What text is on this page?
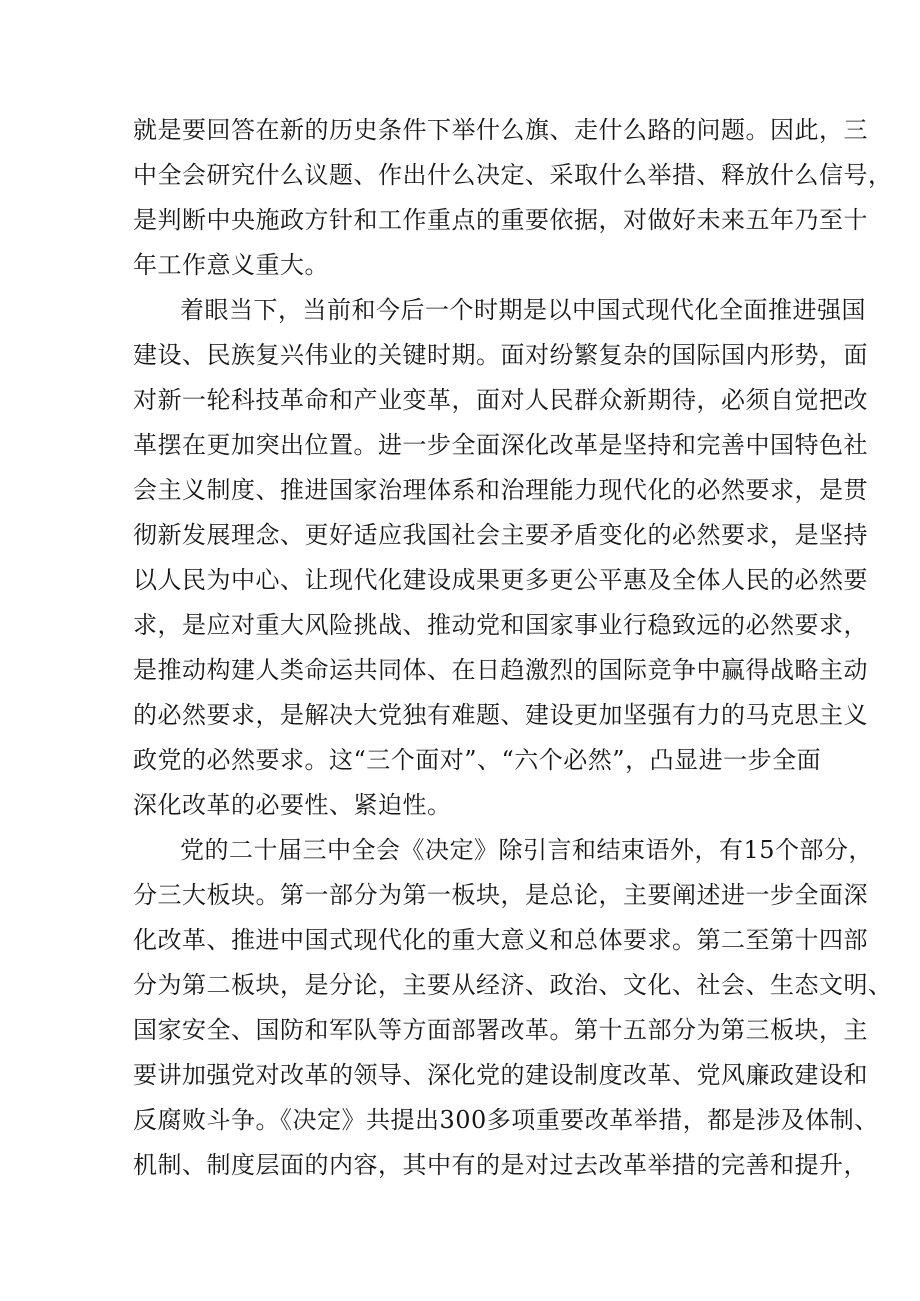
就是要回答在新的历史条件下举什么旗、走什么路的问题。因此，三
中全会研究什么议题、作出什么决定、采取什么举措、释放什么信号，
是判断中央施政方针和工作重点的重要依据，对做好未来五年乃至十
年工作意义重大。
着眼当下，当前和今后一个时期是以中国式现代化全面推进强国
建设、民族复兴伟业的关键时期。面对纷繁复杂的国际国内形势，面
对新一轮科技革命和产业变革，面对人民群众新期待，必须自觉把改
革摆在更加突出位置。进一步全面深化改革是坚持和完善中国特色社
会主义制度、推进国家治理体系和治理能力现代化的必然要求，是贯
彻新发展理念、更好适应我国社会主要矛盾变化的必然要求，是坚持
以人民为中心、让现代化建设成果更多更公平惠及全体人民的必然要
求，是应对重大风险挑战、推动党和国家事业行稳致远的必然要求，
是推动构建人类命运共同体、在日趋激烈的国际竞争中赢得战略主动
的必然要求，是解决大党独有难题、建设更加坚强有力的马克思主义
政党的必然要求。这“三个面对”、“六个必然”，凸显进一步全面
深化改革的必要性、紧迫性。
党的二十届三中全会《决定》除引言和结束语外，有15个部分，
分三大板块。第一部分为第一板块，是总论，主要阐述进一步全面深
化改革、推进中国式现代化的重大意义和总体要求。第二至第十四部
分为第二板块，是分论，主要从经济、政治、文化、社会、生态文明、
国家安全、国防和军队等方面部署改革。第十五部分为第三板块，主
要讲加强党对改革的领导、深化党的建设制度改革、党风廉政建设和
反腐败斗争。《决定》共提出300多项重要改革举措，都是涉及体制、
机制、制度层面的内容，其中有的是对过去改革举措的完善和提升，
